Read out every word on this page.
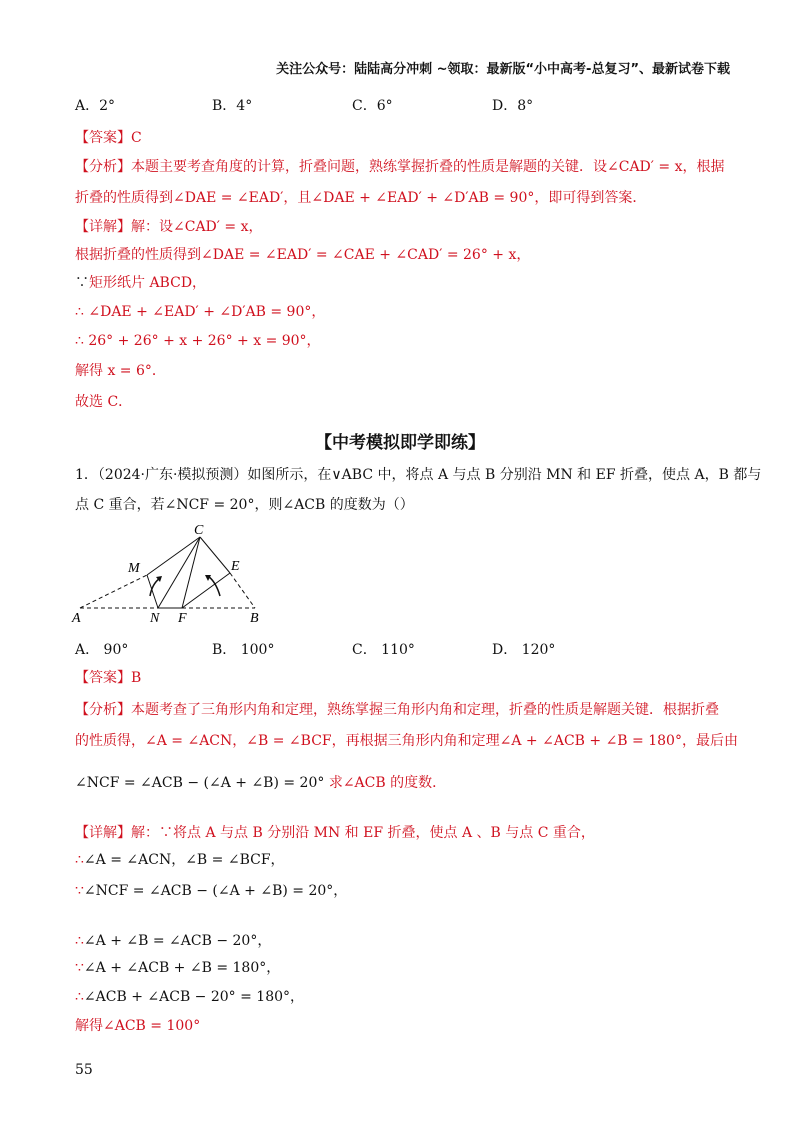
关注公众号：陆陆高分冲刺 ~领取：最新版“小中高考-总复习”、最新试卷下载
A．2°	B．4°	C．6°	D．8°
【答案】C
【分析】本题主要考查角度的计算，折叠问题，熟练掌握折叠的性质是解题的关键．设∠CAD′ = x，根据
折叠的性质得到∠DAE = ∠EAD′，且∠DAE + ∠EAD′ + ∠D′AB = 90°，即可得到答案．
【详解】解：设∠CAD′ = x，
根据折叠的性质得到∠DAE = ∠EAD′ = ∠CAE + ∠CAD′ = 26° + x，
∵矩形纸片 ABCD，
∴ ∠DAE + ∠EAD′ + ∠D′AB = 90°，
∴ 26° + 26° + x + 26° + x = 90°，
解得 x = 6°．
故选 C．
【中考模拟即学即练】
1．（2024·广东·模拟预测）如图所示，在∨ABC 中，将点 A 与点 B 分别沿 MN 和 EF 折叠，使点 A，B 都与
点 C 重合，若∠NCF = 20°，则∠ACB 的度数为（）
C
M	E
A	N F	B
A． 90°	B． 100°	C． 110°	D． 120°
【答案】B
【分析】本题考查了三角形内角和定理，熟练掌握三角形内角和定理，折叠的性质是解题关键．根据折叠
的性质得，∠A = ∠ACN，∠B = ∠BCF，再根据三角形内角和定理∠A + ∠ACB + ∠B = 180°，最后由
∠NCF = ∠ACB − (∠A + ∠B) = 20° 求∠ACB 的度数．
【详解】解：∵将点 A 与点 B 分别沿 MN 和 EF 折叠，使点 A 、B 与点 C 重合，
∴∠A = ∠ACN，∠B = ∠BCF，
∵∠NCF = ∠ACB − (∠A + ∠B) = 20°，
∴∠A + ∠B = ∠ACB − 20°，
∵∠A + ∠ACB + ∠B = 180°，
∴∠ACB + ∠ACB − 20° = 180°，
解得∠ACB = 100°
55
